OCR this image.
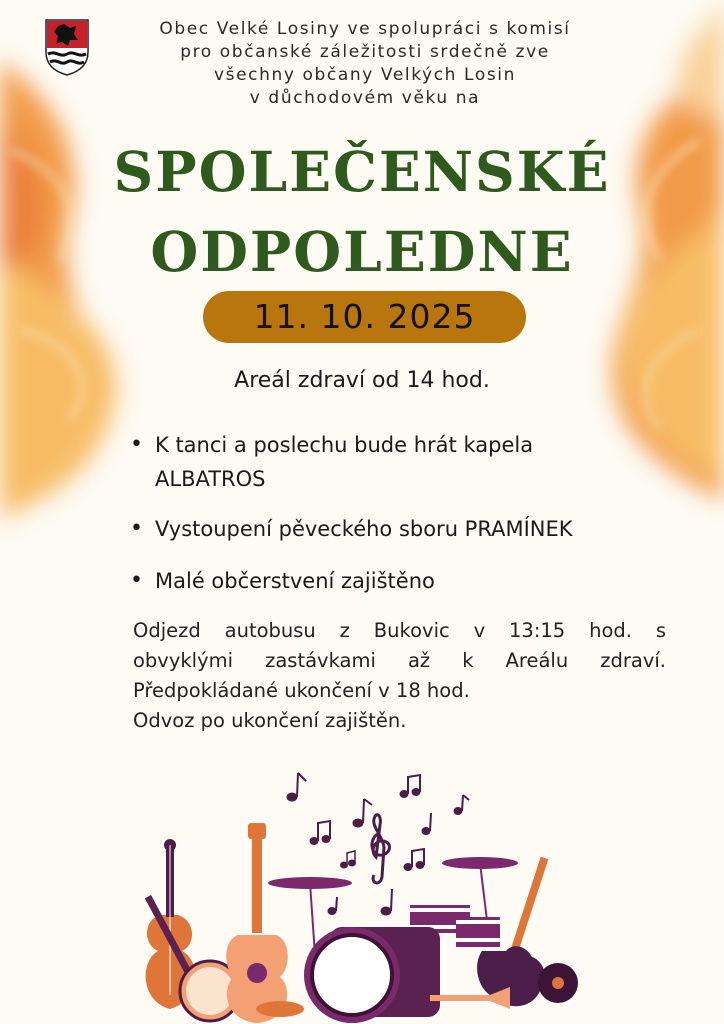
Obec Velké Losiny ve spolupráci s komisí
pro občanské záležitosti srdečně zve
všechny občany Velkých Losin
v důchodovém věku na
SPOLEČENSKÉ
ODPOLEDNE
11. 10. 2025
Areál zdraví od 14 hod.
• K tanci a poslechu bude hrát kapela
ALBATROS
• Vystoupení pěveckého sboru PRAMÍNEK
• Malé občerstvení zajištěno
Odjezd autobusu z Bukovic v 13:15 hod. s
obvyklými zastávkami až k Areálu zdraví.
Předpokládané ukončení v 18 hod.
Odvoz po ukončení zajištěn.
